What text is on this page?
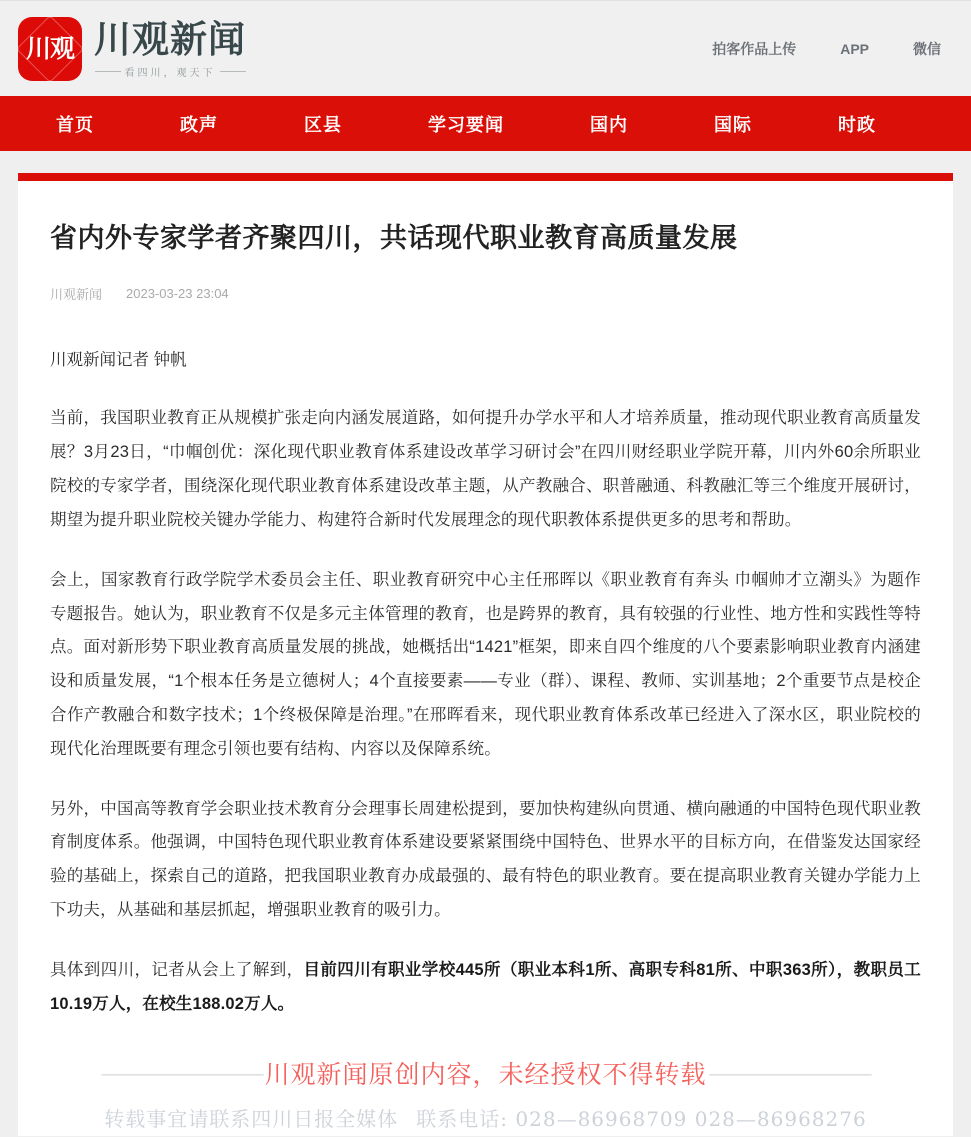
川观 川观新闻
看四川，观天下
拍客作品上传	APP	微信
首页	政声	区县	学习要闻	国内	国际	时政
省内外专家学者齐聚四川，共话现代职业教育高质量发展
川观新闻 2023-03-23 23:04

川观新闻记者 钟帆

当前，我国职业教育正从规模扩张走向内涵发展道路，如何提升办学水平和人才培养质量，推动现代职业教育高质量发展？3月23日，“巾帼创优：深化现代职业教育体系建设改革学习研讨会”在四川财经职业学院开幕，川内外60余所职业院校的专家学者，围绕深化现代职业教育体系建设改革主题，从产教融合、职普融通、科教融汇等三个维度开展研讨，期望为提升职业院校关键办学能力、构建符合新时代发展理念的现代职教体系提供更多的思考和帮助。

会上，国家教育行政学院学术委员会主任、职业教育研究中心主任邢晖以《职业教育有奔头 巾帼帅才立潮头》为题作专题报告。她认为，职业教育不仅是多元主体管理的教育，也是跨界的教育，具有较强的行业性、地方性和实践性等特点。面对新形势下职业教育高质量发展的挑战，她概括出“1421”框架，即来自四个维度的八个要素影响职业教育内涵建设和质量发展，“1个根本任务是立德树人；4个直接要素——专业（群）、课程、教师、实训基地；2个重要节点是校企合作产教融合和数字技术；1个终极保障是治理。”在邢晖看来，现代职业教育体系改革已经进入了深水区，职业院校的现代化治理既要有理念引领也要有结构、内容以及保障系统。

另外，中国高等教育学会职业技术教育分会理事长周建松提到，要加快构建纵向贯通、横向融通的中国特色现代职业教育制度体系。他强调，中国特色现代职业教育体系建设要紧紧围绕中国特色、世界水平的目标方向，在借鉴发达国家经验的基础上，探索自己的道路，把我国职业教育办成最强的、最有特色的职业教育。要在提高职业教育关键办学能力上下功夫，从基础和基层抓起，增强职业教育的吸引力。

具体到四川，记者从会上了解到，目前四川有职业学校445所（职业本科1所、高职专科81所、中职363所），教职员工10.19万人，在校生188.02万人。

————————— 川观新闻原创内容，未经授权不得转载 —————————
转载事宜请联系四川日报全媒体 联系电话: 028—86968709 028—86968276
